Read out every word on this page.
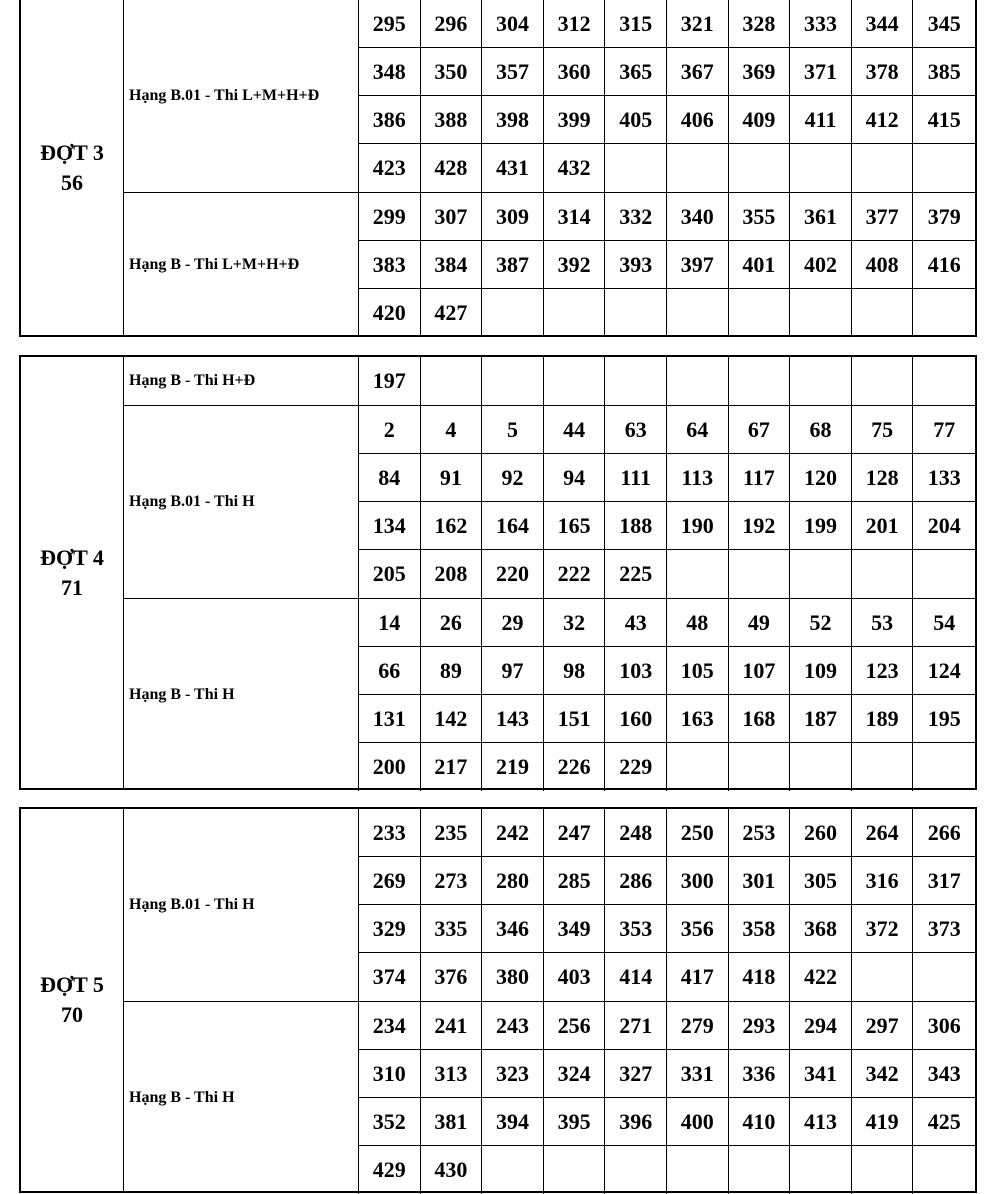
ĐỢT 3
56
Hạng B.01 - Thi L+M+H+Đ
295	296	304	312	315	321	328	333	344	345
348	350	357	360	365	367	369	371	378	385
386	388	398	399	405	406	409	411	412	415
423	428	431	432
Hạng B - Thi L+M+H+Đ
299	307	309	314	332	340	355	361	377	379
383	384	387	392	393	397	401	402	408	416
420	427
ĐỢT 4
71
Hạng B - Thi H+Đ	197
Hạng B.01 - Thi H
2	4	5	44	63	64	67	68	75	77
84	91	92	94	111	113	117	120	128	133
134	162	164	165	188	190	192	199	201	204
205	208	220	222	225
Hạng B - Thi H
14	26	29	32	43	48	49	52	53	54
66	89	97	98	103	105	107	109	123	124
131	142	143	151	160	163	168	187	189	195
200	217	219	226	229
ĐỢT 5
70
Hạng B.01 - Thi H
233	235	242	247	248	250	253	260	264	266
269	273	280	285	286	300	301	305	316	317
329	335	346	349	353	356	358	368	372	373
374	376	380	403	414	417	418	422
Hạng B - Thi H
234	241	243	256	271	279	293	294	297	306
310	313	323	324	327	331	336	341	342	343
352	381	394	395	396	400	410	413	419	425
429	430
